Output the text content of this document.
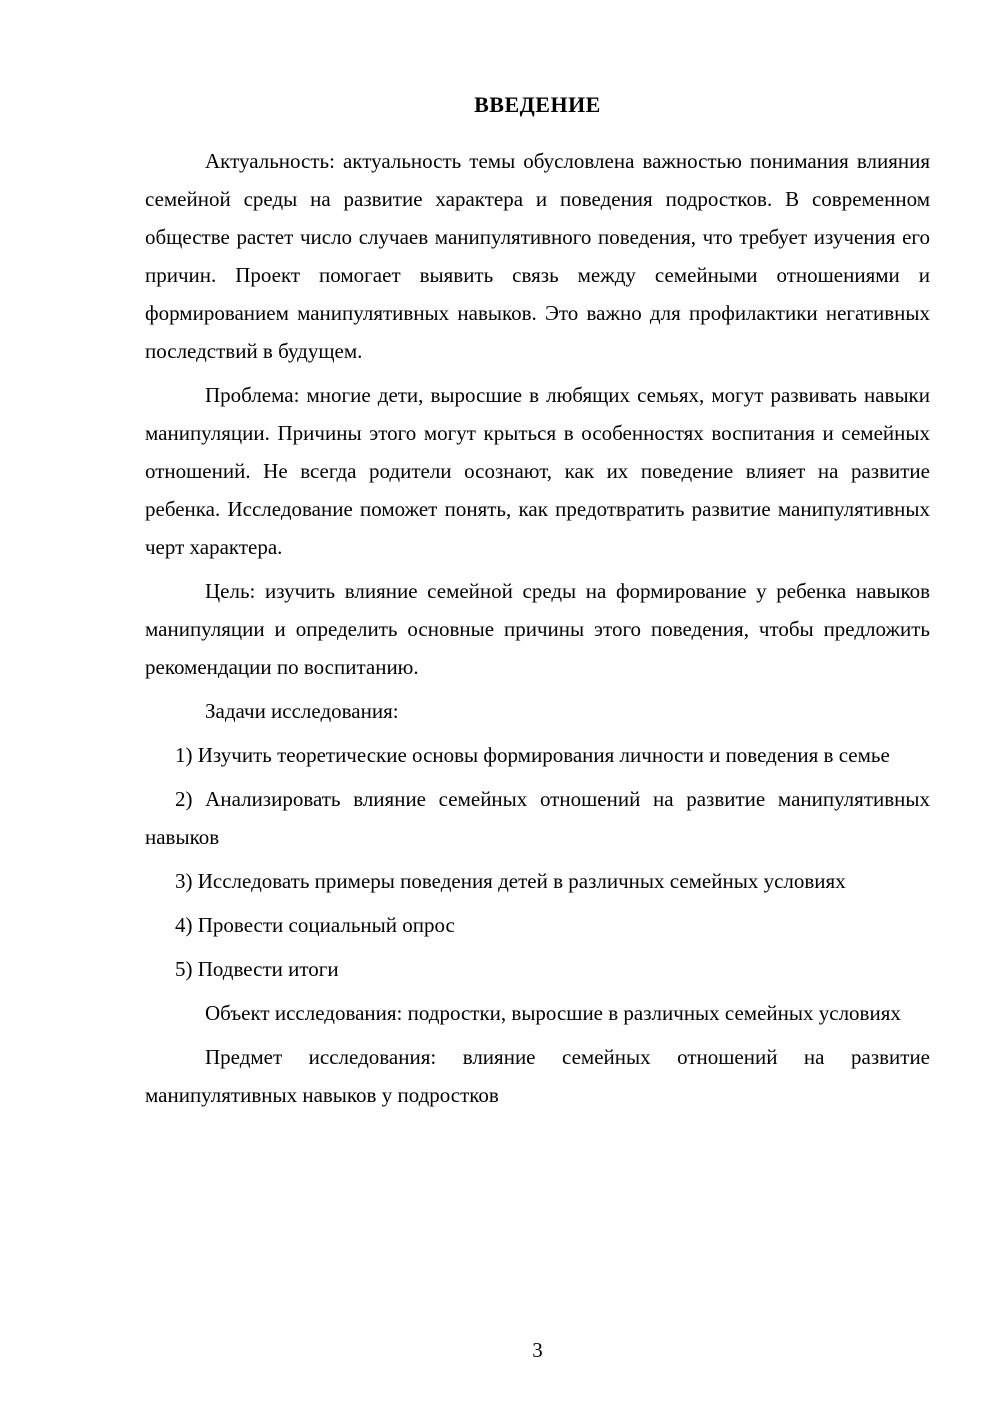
ВВЕДЕНИЕ

Актуальность: актуальность темы обусловлена важностью понимания влияния семейной среды на развитие характера и поведения подростков. В современном обществе растет число случаев манипулятивного поведения, что требует изучения его причин. Проект помогает выявить связь между семейными отношениями и формированием манипулятивных навыков. Это важно для профилактики негативных последствий в будущем.

Проблема: многие дети, выросшие в любящих семьях, могут развивать навыки манипуляции. Причины этого могут крыться в особенностях воспитания и семейных отношений. Не всегда родители осознают, как их поведение влияет на развитие ребенка. Исследование поможет понять, как предотвратить развитие манипулятивных черт характера.

Цель: изучить влияние семейной среды на формирование у ребенка навыков манипуляции и определить основные причины этого поведения, чтобы предложить рекомендации по воспитанию.

Задачи исследования:

1) Изучить теоретические основы формирования личности и поведения в семье

2) Анализировать влияние семейных отношений на развитие манипулятивных навыков

3) Исследовать примеры поведения детей в различных семейных условиях

4) Провести социальный опрос

5) Подвести итоги

Объект исследования: подростки, выросшие в различных семейных условиях

Предмет исследования: влияние семейных отношений на развитие манипулятивных навыков у подростков

3
